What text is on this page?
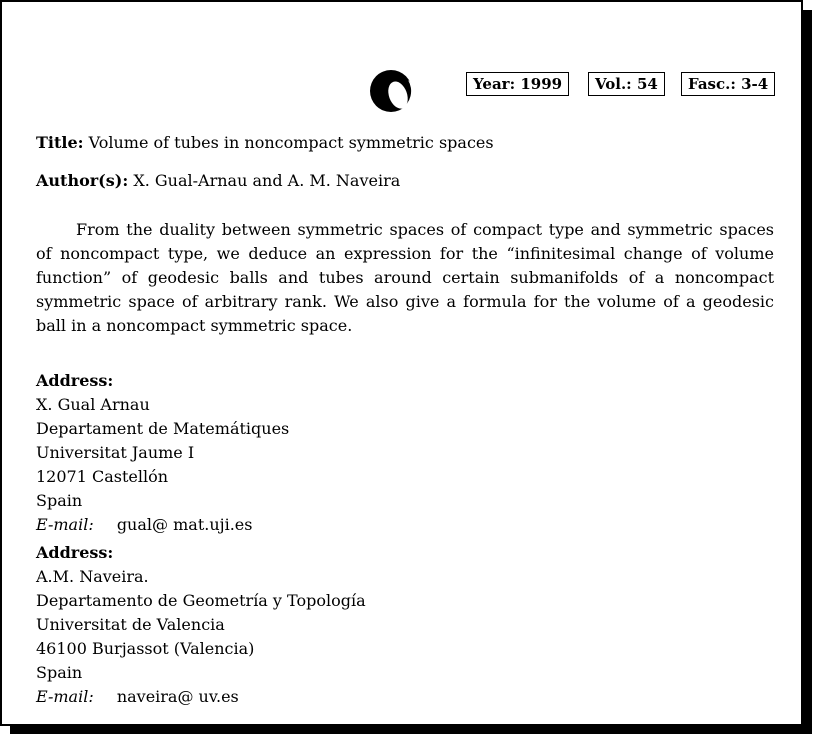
Year: 1999	Vol.: 54	Fasc.: 3-4
Title: Volume of tubes in noncompact symmetric spaces
Author(s): X. Gual-Arnau and A. M. Naveira
From the duality between symmetric spaces of compact type and symmetric spaces of noncompact type, we deduce an expression for the “infinitesimal change of volume function” of geodesic balls and tubes around certain submanifolds of a noncompact symmetric space of arbitrary rank. We also give a formula for the volume of a geodesic ball in a noncompact symmetric space.
Address:
X. Gual Arnau
Departament de Matemátiques
Universitat Jaume I
12071 Castellón
Spain
E-mail: gual@ mat.uji.es
Address:
A.M. Naveira.
Departamento de Geometría y Topología
Universitat de Valencia
46100 Burjassot (Valencia)
Spain
E-mail: naveira@ uv.es
